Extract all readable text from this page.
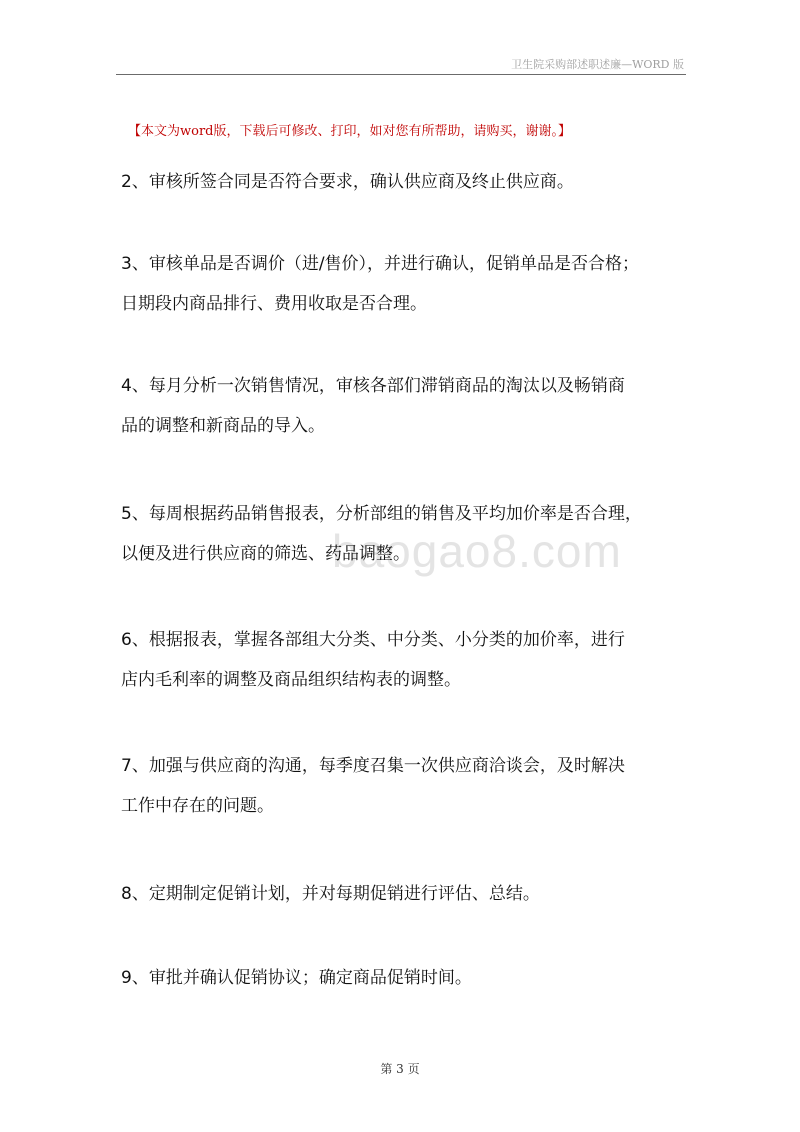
卫生院采购部述职述廉—WORD 版
【本文为word版，下载后可修改、打印，如对您有所帮助，请购买，谢谢。】
baogao8.com
2、审核所签合同是否符合要求，确认供应商及终止供应商。
3、审核单品是否调价（进/售价），并进行确认，促销单品是否合格；
日期段内商品排行、费用收取是否合理。
4、每月分析一次销售情况，审核各部们滞销商品的淘汰以及畅销商
品的调整和新商品的导入。
5、每周根据药品销售报表，分析部组的销售及平均加价率是否合理，
以便及进行供应商的筛选、药品调整。
6、根据报表，掌握各部组大分类、中分类、小分类的加价率，进行
店内毛利率的调整及商品组织结构表的调整。
7、加强与供应商的沟通，每季度召集一次供应商洽谈会，及时解决
工作中存在的问题。
8、定期制定促销计划，并对每期促销进行评估、总结。
9、审批并确认促销协议；确定商品促销时间。
第 3 页
